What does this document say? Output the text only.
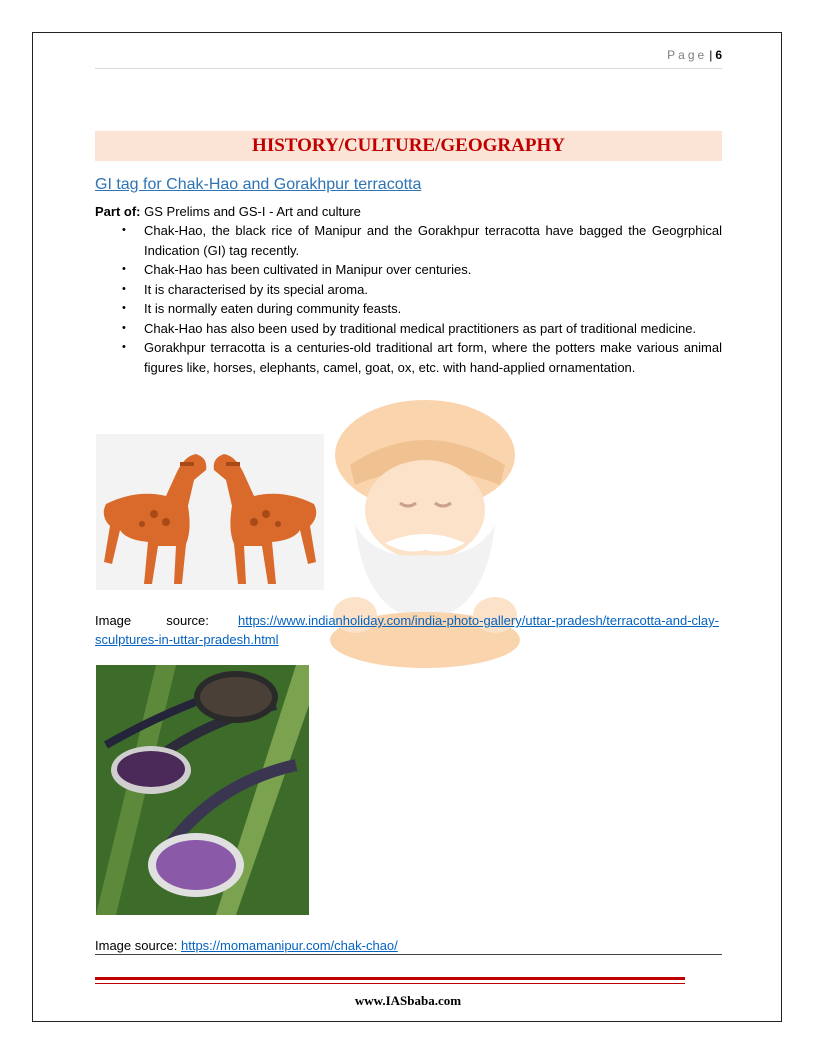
Page | 6
HISTORY/CULTURE/GEOGRAPHY
GI tag for Chak-Hao and Gorakhpur terracotta
Part of: GS Prelims and GS-I - Art and culture
• Chak-Hao, the black rice of Manipur and the Gorakhpur terracotta have bagged the Geogrphical Indication (GI) tag recently.
• Chak-Hao has been cultivated in Manipur over centuries.
• It is characterised by its special aroma.
• It is normally eaten during community feasts.
• Chak-Hao has also been used by traditional medical practitioners as part of traditional medicine.
• Gorakhpur terracotta is a centuries-old traditional art form, where the potters make various animal figures like, horses, elephants, camel, goat, ox, etc. with hand-applied ornamentation.
Image source: https://www.indianholiday.com/india-photo-gallery/uttar-pradesh/terracotta-and-clay-sculptures-in-uttar-pradesh.html
Image source: https://momamanipur.com/chak-chao/
www.IASbaba.com
